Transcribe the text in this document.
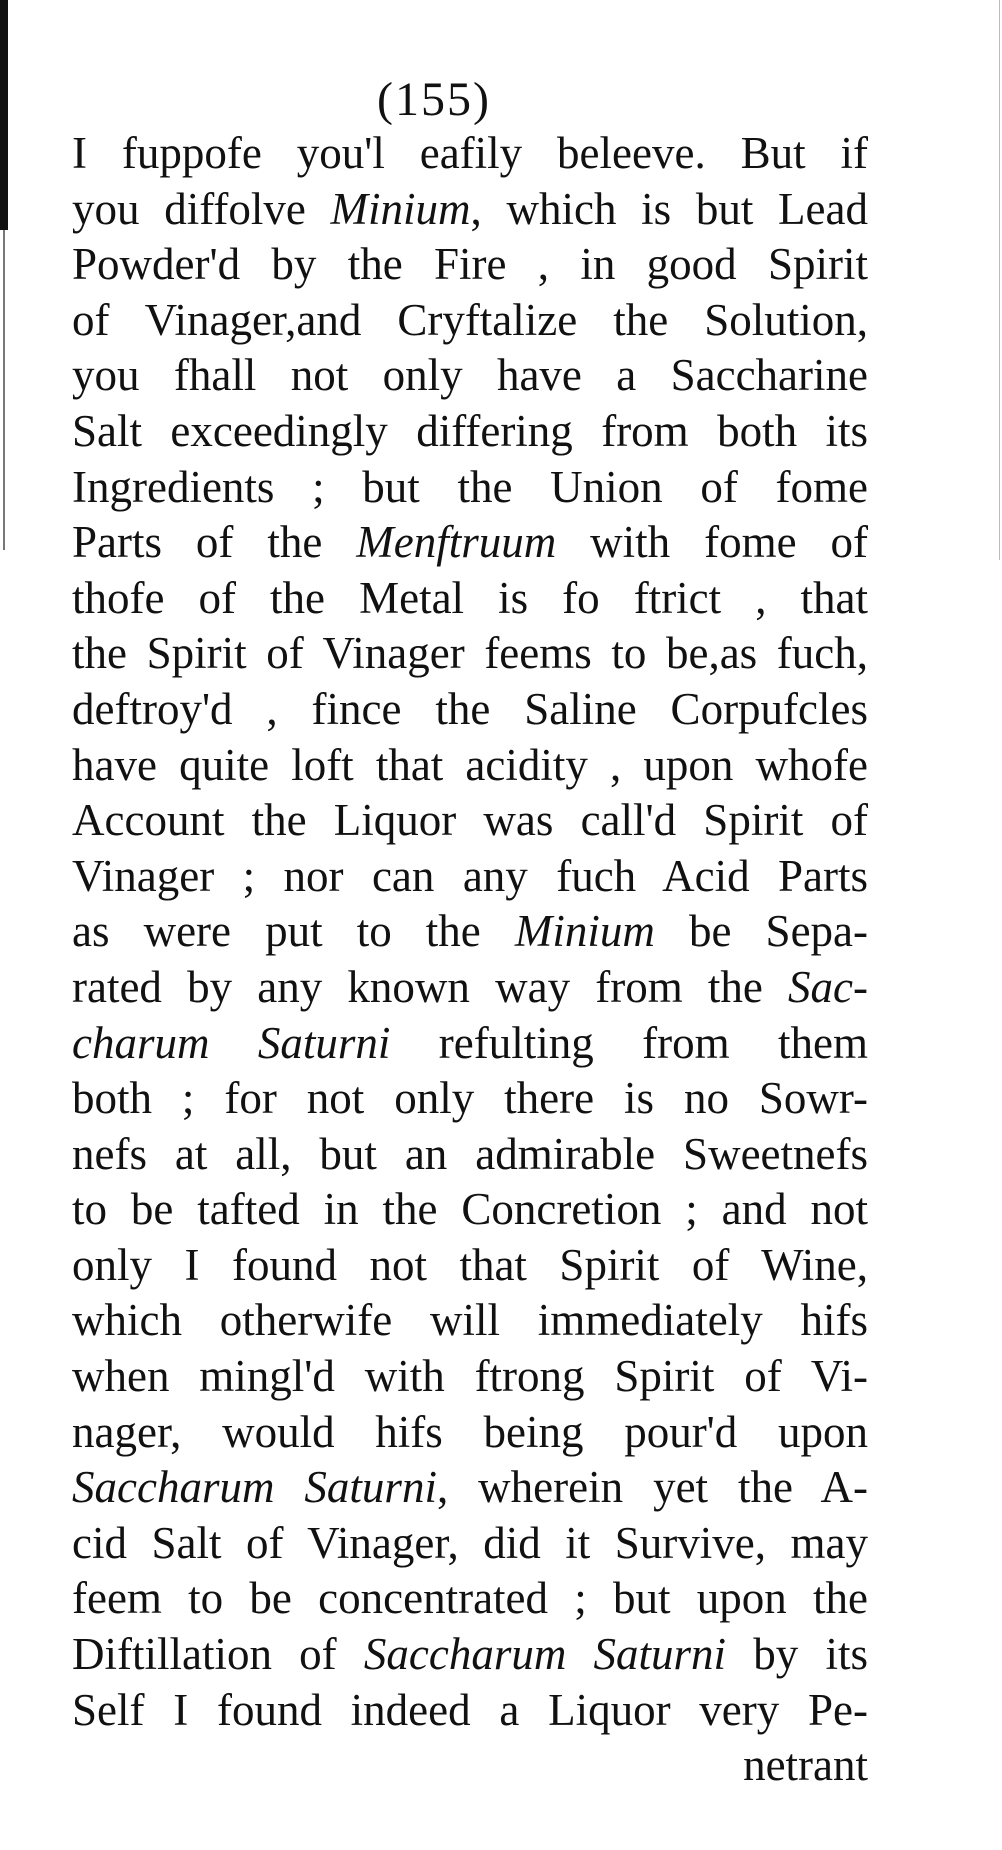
(155)
I fuppofe you'l eafily beleeve. But if
you diffolve Minium, which is but Lead
Powder'd by the Fire , in good Spirit
of Vinager,and Cryftalize the Solution,
you fhall not only have a Saccharine
Salt exceedingly differing from both its
Ingredients ; but the Union of fome
Parts of the Menftruum with fome of
thofe of the Metal is fo ftrict , that
the Spirit of Vinager feems to be,as fuch,
deftroy'd , fince the Saline Corpufcles
have quite loft that acidity , upon whofe
Account the Liquor was call'd Spirit of
Vinager ; nor can any fuch Acid Parts
as were put to the Minium be Sepa-
rated by any known way from the Sac-
charum Saturni refulting from them
both ; for not only there is no Sowr-
nefs at all, but an admirable Sweetnefs
to be tafted in the Concretion ; and not
only I found not that Spirit of Wine,
which otherwife will immediately hifs
when mingl'd with ftrong Spirit of Vi-
nager, would hifs being pour'd upon
Saccharum Saturni, wherein yet the A-
cid Salt of Vinager, did it Survive, may
feem to be concentrated ; but upon the
Diftillation of Saccharum Saturni by its
Self I found indeed a Liquor very Pe-
netrant
